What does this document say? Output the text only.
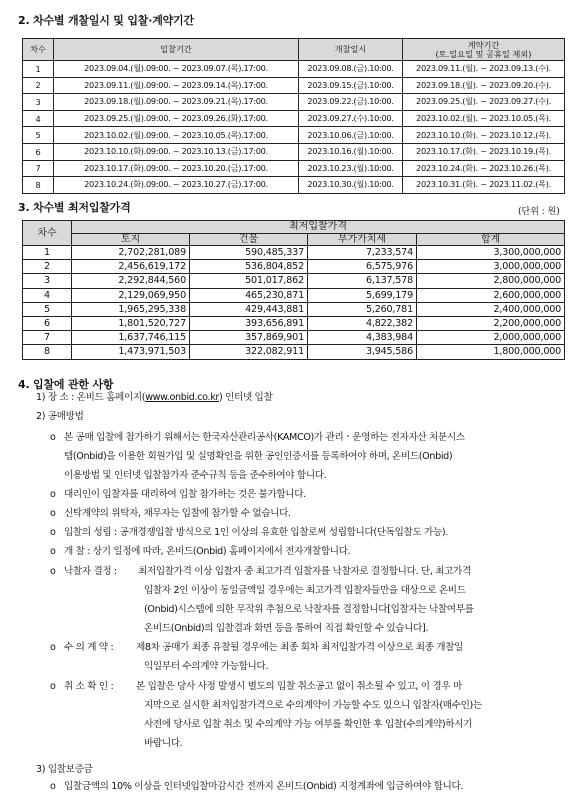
2. 차수별 개찰일시 및 입찰·계약기간
차수	입찰기간	개찰일시	계약기간
(토.일요일 및 공휴일 제외)

1	2023.09.04.(월).09:00. ~ 2023.09.07.(목).17:00.	2023.09.08.(금).10:00.	2023.09.11.(월). ~ 2023.09.13.(수).
2	2023.09.11.(월).09:00. ~ 2023.09.14.(목).17:00.	2023.09.15.(금).10:00.	2023.09.18.(월). ~ 2023.09.20.(수).
3	2023.09.18.(월).09:00. ~ 2023.09.21.(목).17:00.	2023.09.22.(금).10:00.	2023.09.25.(월). ~ 2023.09.27.(수).
4	2023.09.25.(월).09:00. ~ 2023.09.26.(화).17:00.	2023.09.27.(수).10:00.	2023.10.02.(월). ~ 2023.10.05.(목).
5	2023.10.02.(월).09:00. ~ 2023.10.05.(목).17:00.	2023.10.06.(금).10:00.	2023.10.10.(화). ~ 2023.10.12.(목).
6	2023.10.10.(화).09:00. ~ 2023.10.13.(금).17:00.	2023.10.16.(월).10:00.	2023.10.17.(화). ~ 2023.10.19.(목).
7	2023.10.17.(화).09:00. ~ 2023.10.20.(금).17:00.	2023.10.23.(월).10:00.	2023.10.24.(화). ~ 2023.10.26.(목).
8	2023.10.24.(화).09:00. ~ 2023.10.27.(금).17:00.	2023.10.30.(월).10:00.	2023.10.31.(화). ~ 2023.11.02.(목).
3. 차수별 최저입찰가격	(단위 : 원)
차수	최저입찰가격			
	토지	건물	부가가치세	합계
1	2,702,281,089	590,485,337	7,233,574	3,300,000,000
2	2,456,619,172	536,804,852	6,575,976	3,000,000,000
3	2,292,844,560	501,017,862	6,137,578	2,800,000,000
4	2,129,069,950	465,230,871	5,699,179	2,600,000,000
5	1,965,295,338	429,443,881	5,260,781	2,400,000,000
6	1,801,520,727	393,656,891	4,822,382	2,200,000,000
7	1,637,746,115	357,869,901	4,383,984	2,000,000,000
8	1,473,971,503	322,082,911	3,945,586	1,800,000,000
4. 입찰에 관한 사항
1) 장 소 : 온비드 홈페이지(www.onbid.co.kr) 인터넷 입찰
2) 공매방법
ο 본 공매 입찰에 참가하기 위해서는 한국자산관리공사(KAMCO)가 관리ㆍ운영하는 전자자산 처분시스
템(Onbid)을 이용한 회원가입 및 실명확인을 위한 공인인증서를 등록하여야 하며, 온비드(Onbid)
이용방법 및 인터넷 입찰참가자 준수규칙 등을 준수하여야 합니다.
ο 대리인이 입찰자를 대리하여 입찰 참가하는 것은 불가합니다.
ο 신탁계약의 위탁자, 채무자는 입찰에 참가할 수 없습니다.
ο 입찰의 성립 : 공개경쟁입찰 방식으로 1인 이상의 유효한 입찰로써 성립합니다(단독입찰도 가능).
ο 개 찰 : 상기 일정에 따라, 온비드(Onbid) 홈페이지에서 전자개찰합니다.
ο 낙찰자 결정 : 최저입찰가격 이상 입찰자 중 최고가격 입찰자를 낙찰자로 결정합니다. 단, 최고가격
입찰자 2인 이상이 동일금액일 경우에는 최고가격 입찰자들만을 대상으로 온비드
(Onbid)시스템에 의한 무작위 추첨으로 낙찰자를 결정합니다[입찰자는 낙찰여부를
온비드(Onbid)의 입찰결과 화면 등을 통하여 직접 확인할 수 있습니다].
ο 수 의 계 약 : 제8차 공매가 최종 유찰될 경우에는 최종 회차 최저입찰가격 이상으로 최종 개찰일
익일부터 수의계약 가능합니다.
ο 취 소 확 인 : 본 입찰은 당사 사정 발생시 별도의 입찰 취소공고 없이 취소될 수 있고, 이 경우 마
지막으로 실시한 최저입찰가격으로 수의계약이 가능할 수도 있으니 입찰자(매수인)는
사전에 당사로 입찰 취소 및 수의계약 가능 여부를 확인한 후 입찰(수의계약)하시기
바랍니다.
3) 입찰보증금
ο 입찰금액의 10% 이상을 인터넷입찰마감시간 전까지 온비드(Onbid) 지정계좌에 입금하여야 합니다.
